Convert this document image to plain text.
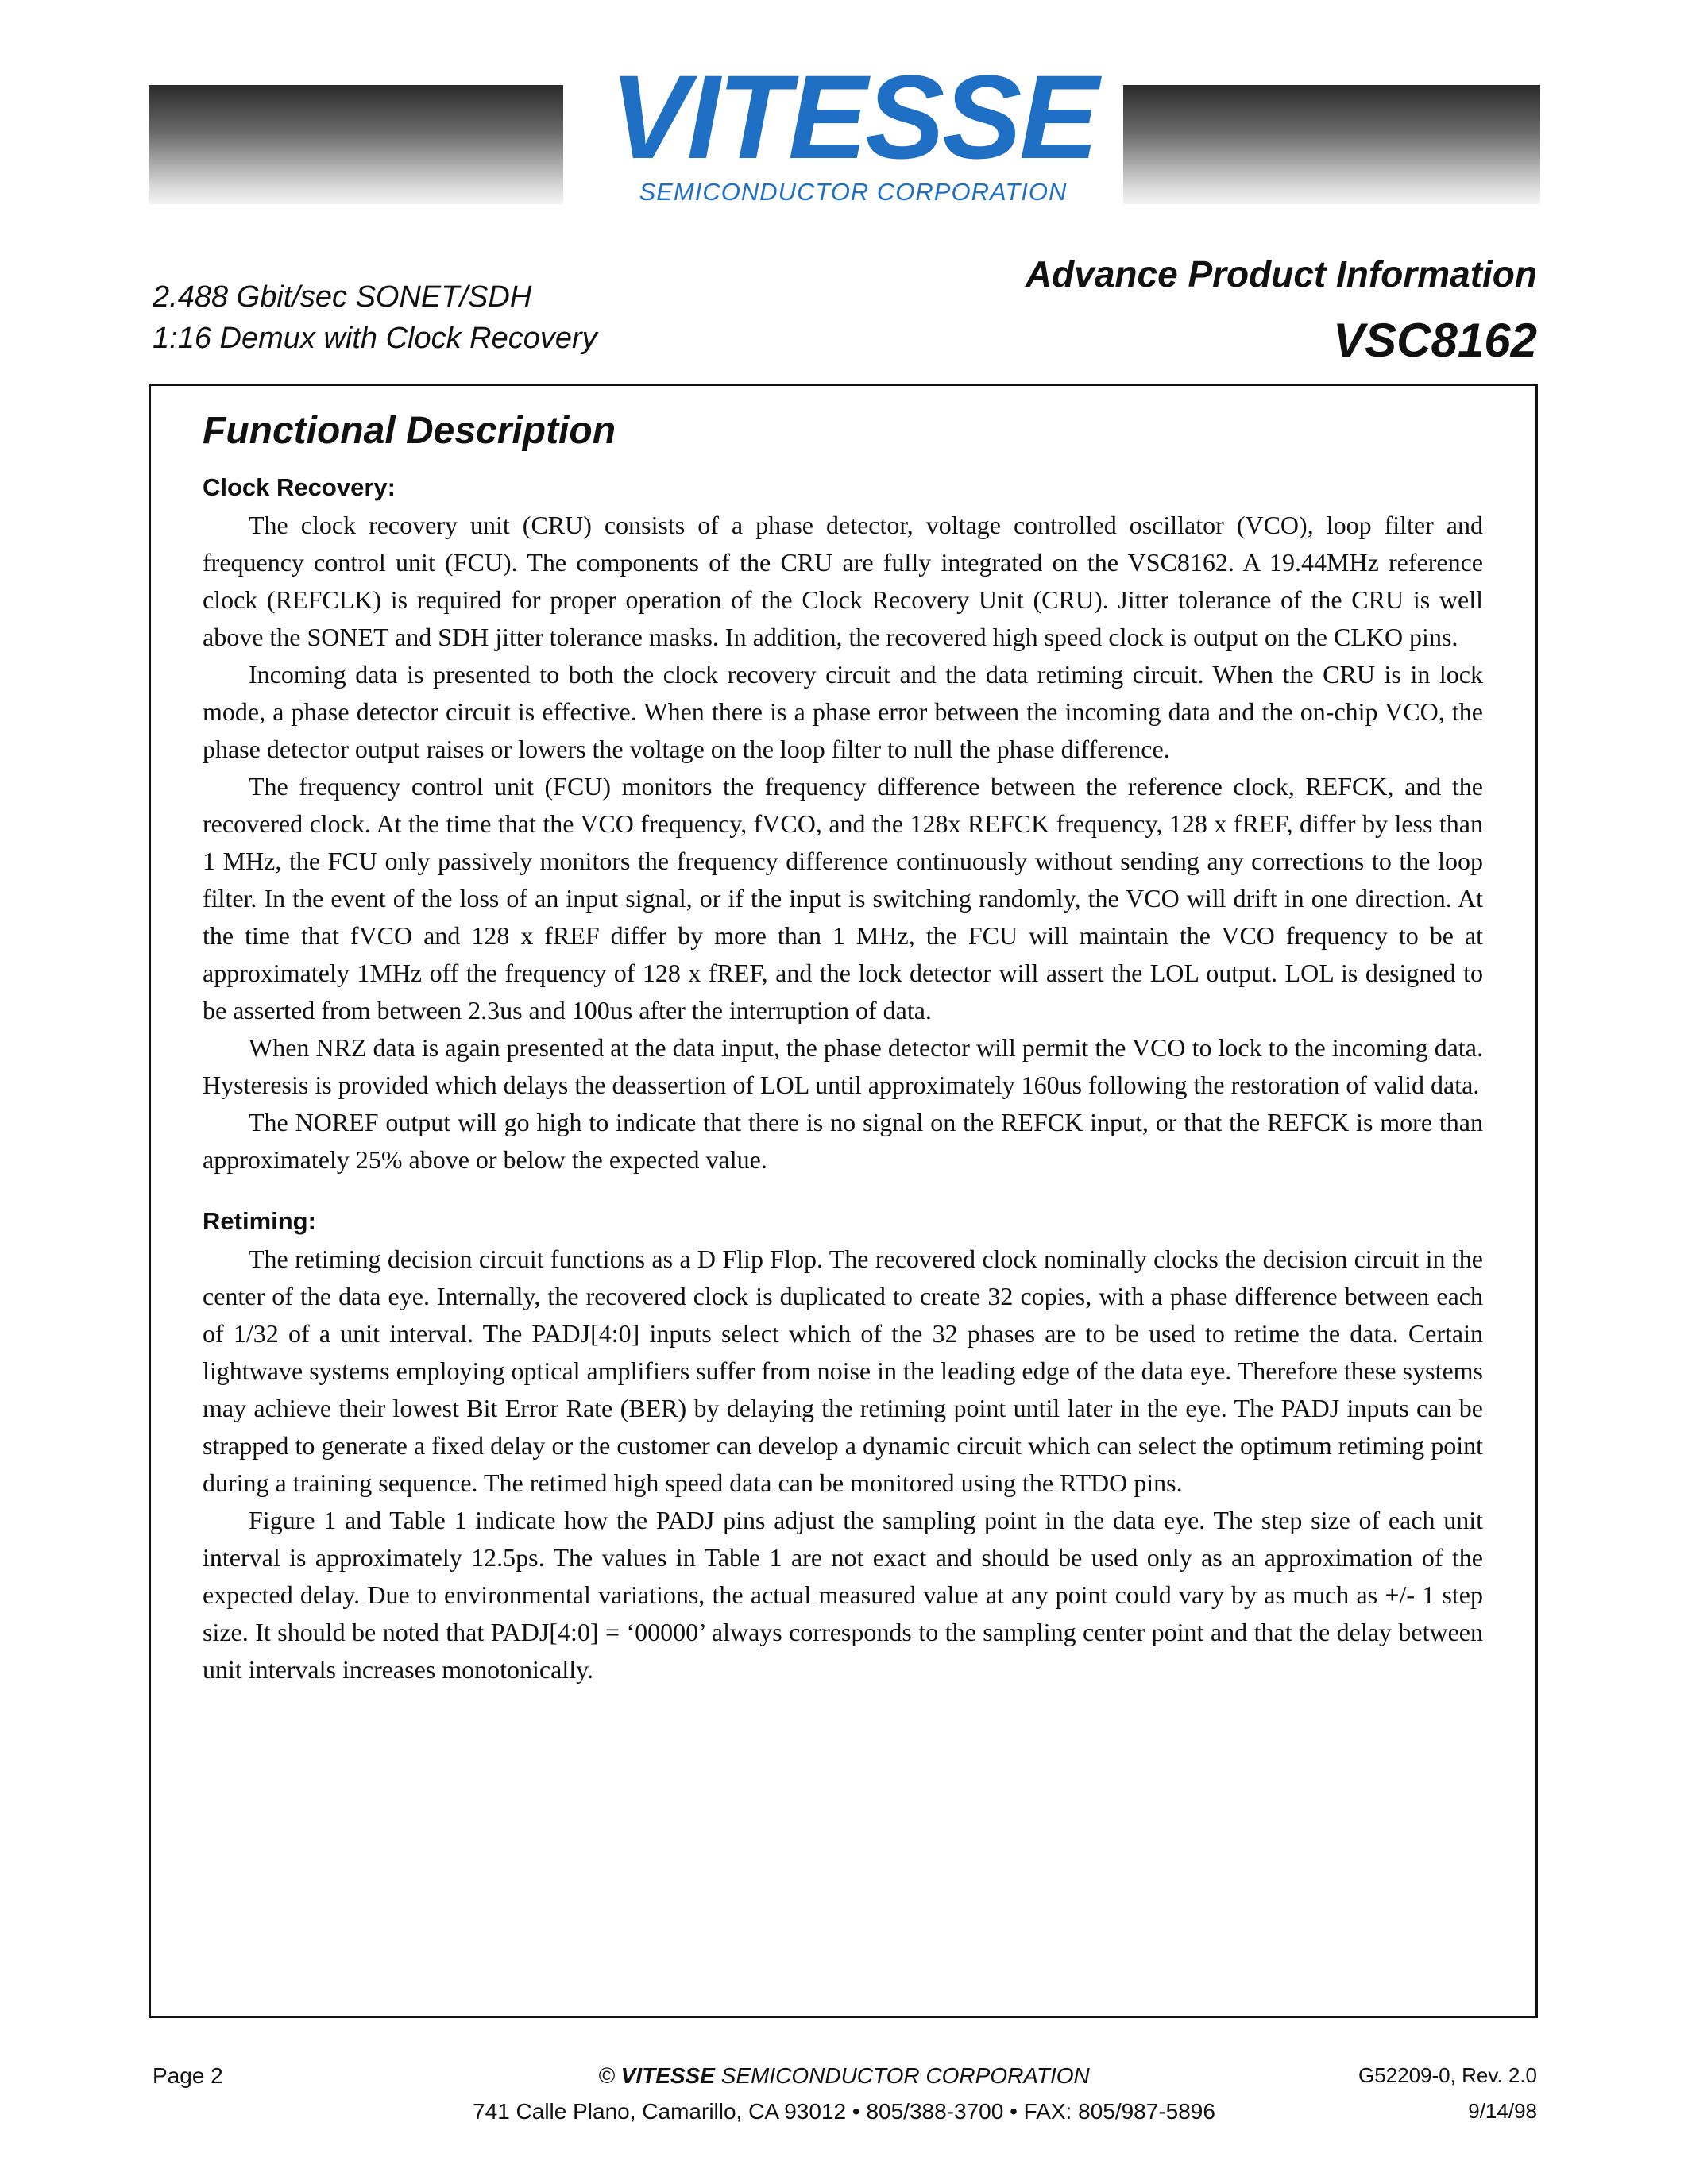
VITESSE
SEMICONDUCTOR CORPORATION
2.488 Gbit/sec SONET/SDH
1:16 Demux with Clock Recovery
Advance Product Information
VSC8162
Functional Description
Clock Recovery:

The clock recovery unit (CRU) consists of a phase detector, voltage controlled oscillator (VCO), loop filter and frequency control unit (FCU). The components of the CRU are fully integrated on the VSC8162. A 19.44MHz reference clock (REFCLK) is required for proper operation of the Clock Recovery Unit (CRU). Jitter tolerance of the CRU is well above the SONET and SDH jitter tolerance masks. In addition, the recovered high speed clock is output on the CLKO pins.

Incoming data is presented to both the clock recovery circuit and the data retiming circuit. When the CRU is in lock mode, a phase detector circuit is effective. When there is a phase error between the incoming data and the on-chip VCO, the phase detector output raises or lowers the voltage on the loop filter to null the phase difference.

The frequency control unit (FCU) monitors the frequency difference between the reference clock, REFCK, and the recovered clock. At the time that the VCO frequency, fVCO, and the 128x REFCK frequency, 128 x fREF, differ by less than 1 MHz, the FCU only passively monitors the frequency difference continuously without sending any corrections to the loop filter. In the event of the loss of an input signal, or if the input is switching randomly, the VCO will drift in one direction. At the time that fVCO and 128 x fREF differ by more than 1 MHz, the FCU will maintain the VCO frequency to be at approximately 1MHz off the frequency of 128 x fREF, and the lock detector will assert the LOL output. LOL is designed to be asserted from between 2.3us and 100us after the interruption of data.

When NRZ data is again presented at the data input, the phase detector will permit the VCO to lock to the incoming data. Hysteresis is provided which delays the deassertion of LOL until approximately 160us following the restoration of valid data.

The NOREF output will go high to indicate that there is no signal on the REFCK input, or that the REFCK is more than approximately 25% above or below the expected value.

Retiming:

The retiming decision circuit functions as a D Flip Flop. The recovered clock nominally clocks the decision circuit in the center of the data eye. Internally, the recovered clock is duplicated to create 32 copies, with a phase difference between each of 1/32 of a unit interval. The PADJ[4:0] inputs select which of the 32 phases are to be used to retime the data. Certain lightwave systems employing optical amplifiers suffer from noise in the leading edge of the data eye. Therefore these systems may achieve their lowest Bit Error Rate (BER) by delaying the retiming point until later in the eye. The PADJ inputs can be strapped to generate a fixed delay or the customer can develop a dynamic circuit which can select the optimum retiming point during a training sequence. The retimed high speed data can be monitored using the RTDO pins.

Figure 1 and Table 1 indicate how the PADJ pins adjust the sampling point in the data eye. The step size of each unit interval is approximately 12.5ps. The values in Table 1 are not exact and should be used only as an approximation of the expected delay. Due to environmental variations, the actual measured value at any point could vary by as much as +/- 1 step size. It should be noted that PADJ[4:0] = ‘00000’ always corresponds to the sampling center point and that the delay between unit intervals increases monotonically.

Page 2	© VITESSE SEMICONDUCTOR CORPORATION
741 Calle Plano, Camarillo, CA 93012 • 805/388-3700 • FAX: 805/987-5896
G52209-0, Rev. 2.0
9/14/98
